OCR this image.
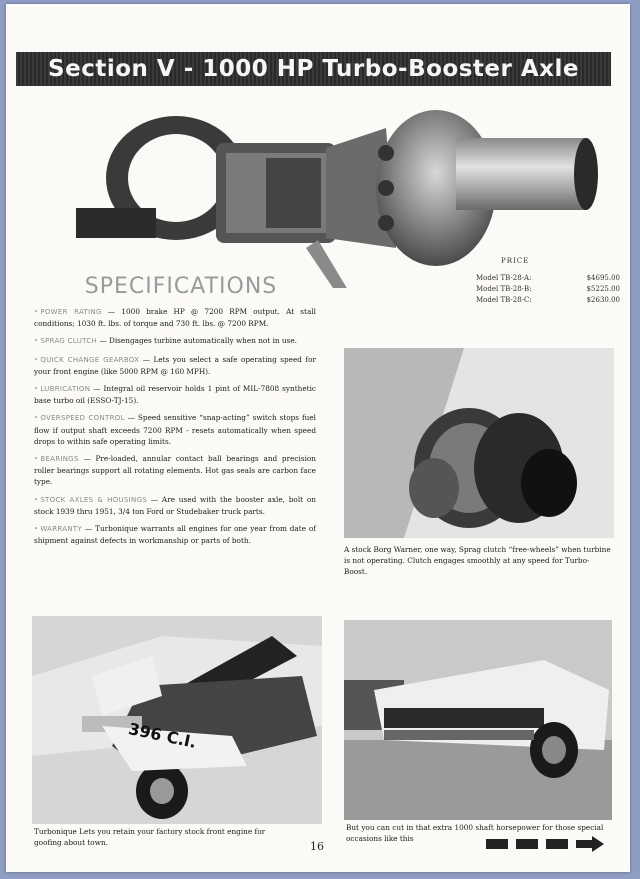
Section V - 1000 HP Turbo-Booster Axle
SPECIFICATIONS
PRICE
Model TB-28-A:	$4695.00
Model TB-28-B:	$5225.00
Model TB-28-C:	$2630.00
• POWER RATING — 1000 brake HP @ 7200 RPM output. At stall conditions; 1030 ft. lbs. of torque and 730 ft. lbs. @ 7200 RPM.
• SPRAG CLUTCH — Disengages turbine automatically when not in use.
• QUICK CHANGE GEARBOX — Lets you select a safe operating speed for your front engine (like 5000 RPM @ 160 MPH).
• LUBRICATION — Integral oil reservoir holds 1 pint of MIL-7808 synthetic base turbo oil (ESSO-TJ-15).
• OVERSPEED CONTROL — Speed sensitive “snap-acting” switch stops fuel flow if output shaft exceeds 7200 RPM - resets automatically when speed drops to within safe operating limits.
• BEARINGS — Pre-loaded, annular contact ball bearings and precision roller bearings support all rotating elements. Hot gas seals are carbon face type.
• STOCK AXLES & HOUSINGS — Are used with the booster axle, bolt on stock 1939 thru 1951, 3/4 ton Ford or Studebaker truck parts.
• WARRANTY — Turbonique warrants all engines for one year from date of shipment against defects in workmanship or parts of both.
A stock Borg Warner, one way, Sprag clutch “free-wheels” when turbine is not operating. Clutch engages smoothly at any speed for Turbo-Boost.
396 C.I.
Turbonique Lets you retain your factory stock front engine for goofing about town.
But you can cut in that extra 1000 shaft horsepower for those special occasions like this
16
